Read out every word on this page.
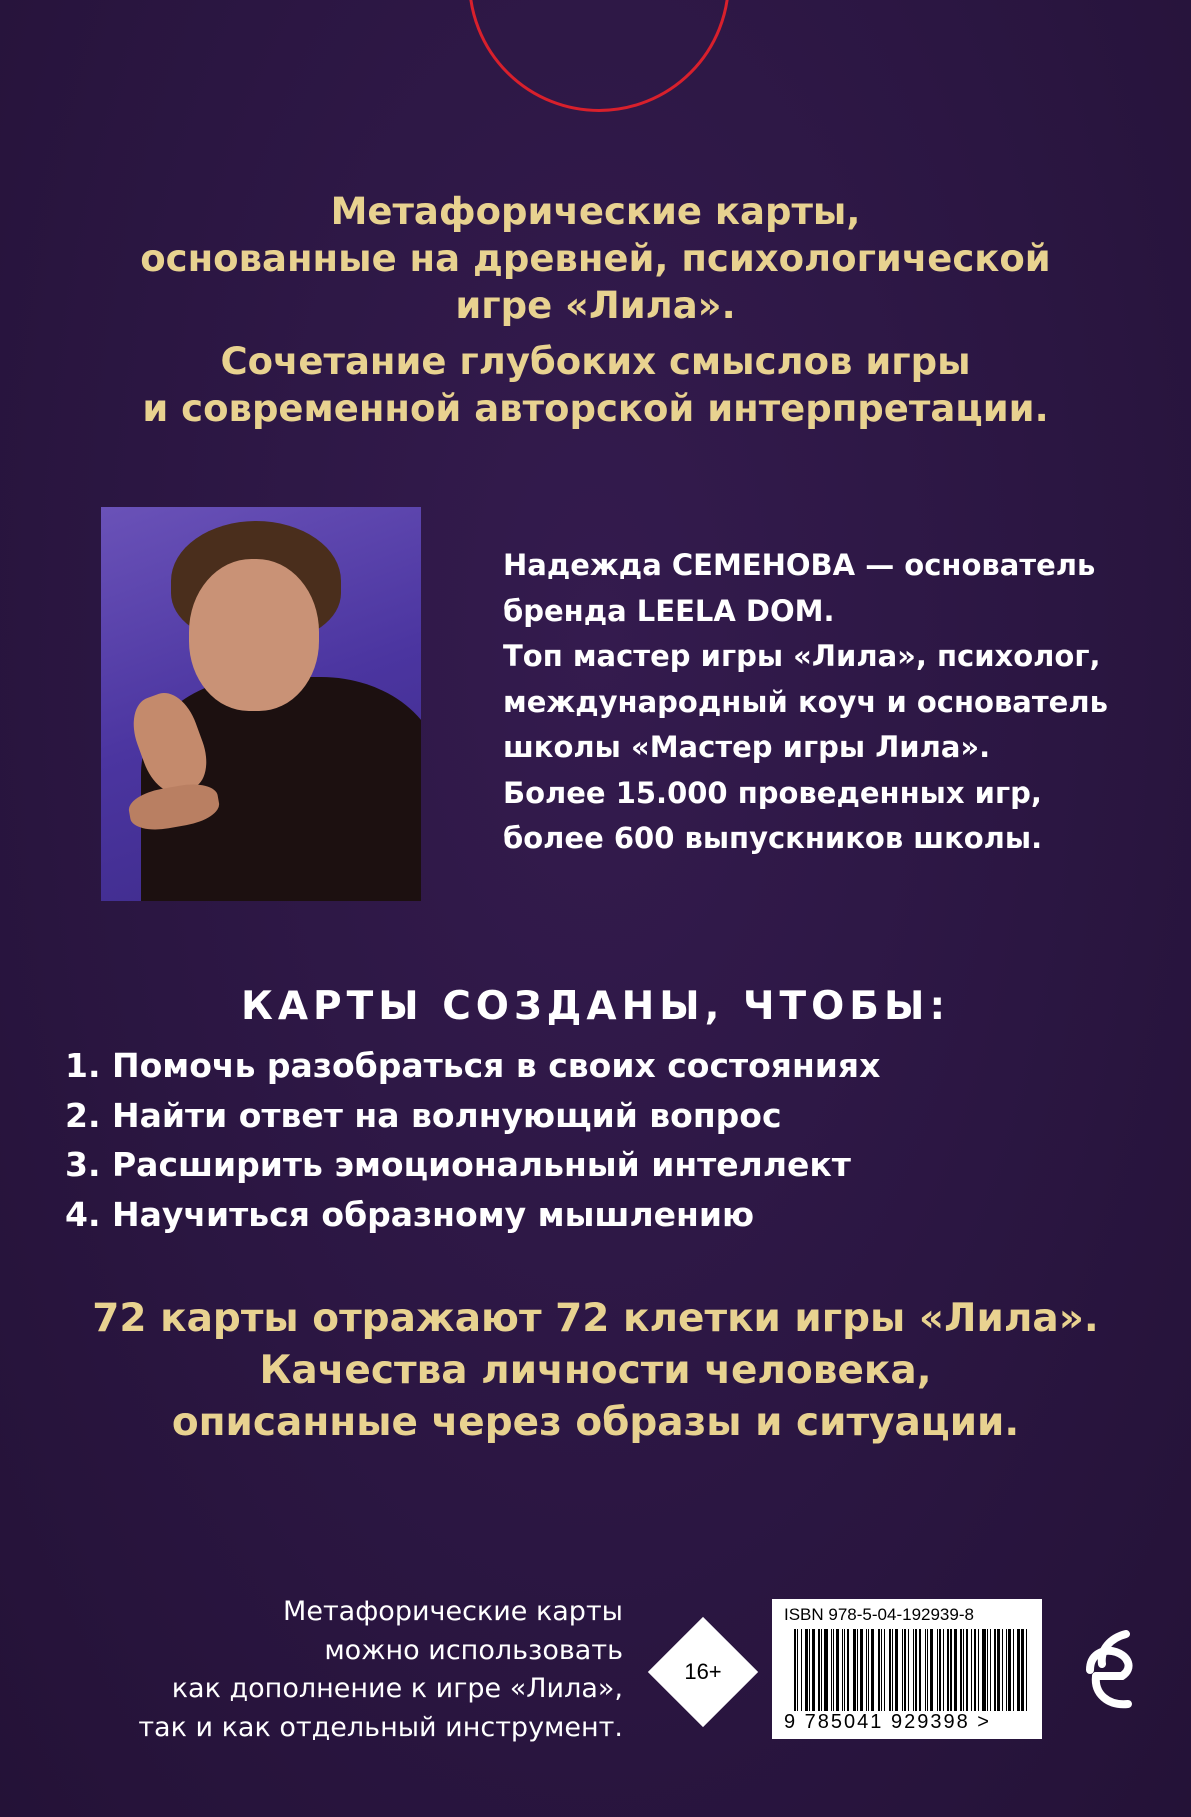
Метафорические карты,
основанные на древней, психологической
игре «Лила».
Сочетание глубоких смыслов игры
и современной авторской интерпретации.
Надежда СЕМЕНОВА — основатель
бренда LEELA DOM.
Топ мастер игры «Лила», психолог,
международный коуч и основатель
школы «Мастер игры Лила».
Более 15.000 проведенных игр,
более 600 выпускников школы.
КАРТЫ СОЗДАНЫ, ЧТОБЫ:
1. Помочь разобраться в своих состояниях
2. Найти ответ на волнующий вопрос
3. Расширить эмоциональный интеллект
4. Научиться образному мышлению
72 карты отражают 72 клетки игры «Лила».
Качества личности человека,
описанные через образы и ситуации.
Метафорические карты
можно использовать
как дополнение к игре «Лила»,
так и как отдельный инструмент.
16+
ISBN 978-5-04-192939-8
9 785041 929398 >
